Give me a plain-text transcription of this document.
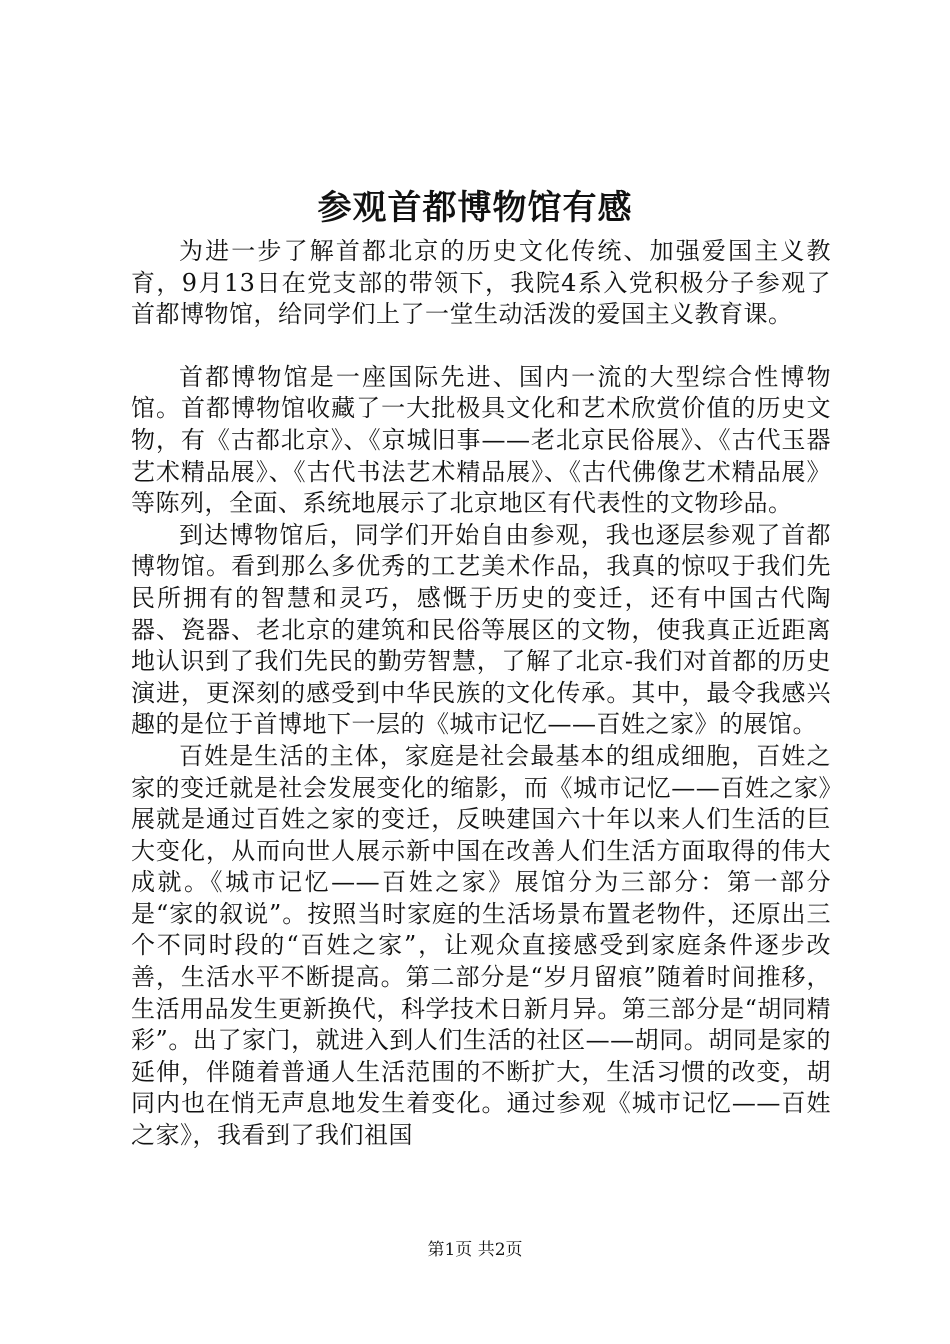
参观首都博物馆有感

为进一步了解首都北京的历史文化传统、加强爱国主义教育，9月13日在党支部的带领下，我院4系入党积极分子参观了首都博物馆，给同学们上了一堂生动活泼的爱国主义教育课。

首都博物馆是一座国际先进、国内一流的大型综合性博物馆。首都博物馆收藏了一大批极具文化和艺术欣赏价值的历史文物，有《古都北京》、《京城旧事——老北京民俗展》、《古代玉器艺术精品展》、《古代书法艺术精品展》、《古代佛像艺术精品展》等陈列，全面、系统地展示了北京地区有代表性的文物珍品。

到达博物馆后，同学们开始自由参观，我也逐层参观了首都博物馆。看到那么多优秀的工艺美术作品，我真的惊叹于我们先民所拥有的智慧和灵巧，感慨于历史的变迁，还有中国古代陶器、瓷器、老北京的建筑和民俗等展区的文物，使我真正近距离地认识到了我们先民的勤劳智慧，了解了北京-我们对首都的历史演进，更深刻的感受到中华民族的文化传承。其中，最令我感兴趣的是位于首博地下一层的《城市记忆——百姓之家》的展馆。

百姓是生活的主体，家庭是社会最基本的组成细胞，百姓之家的变迁就是社会发展变化的缩影，而《城市记忆——百姓之家》展就是通过百姓之家的变迁，反映建国六十年以来人们生活的巨大变化，从而向世人展示新中国在改善人们生活方面取得的伟大成就。《城市记忆——百姓之家》展馆分为三部分：第一部分是“家的叙说”。按照当时家庭的生活场景布置老物件，还原出三个不同时段的“百姓之家”，让观众直接感受到家庭条件逐步改善，生活水平不断提高。第二部分是“岁月留痕”随着时间推移，生活用品发生更新换代，科学技术日新月异。第三部分是“胡同精彩”。出了家门，就进入到人们生活的社区——胡同。胡同是家的延伸，伴随着普通人生活范围的不断扩大，生活习惯的改变，胡同内也在悄无声息地发生着变化。通过参观《城市记忆——百姓之家》，我看到了我们祖国

第1页 共2页
